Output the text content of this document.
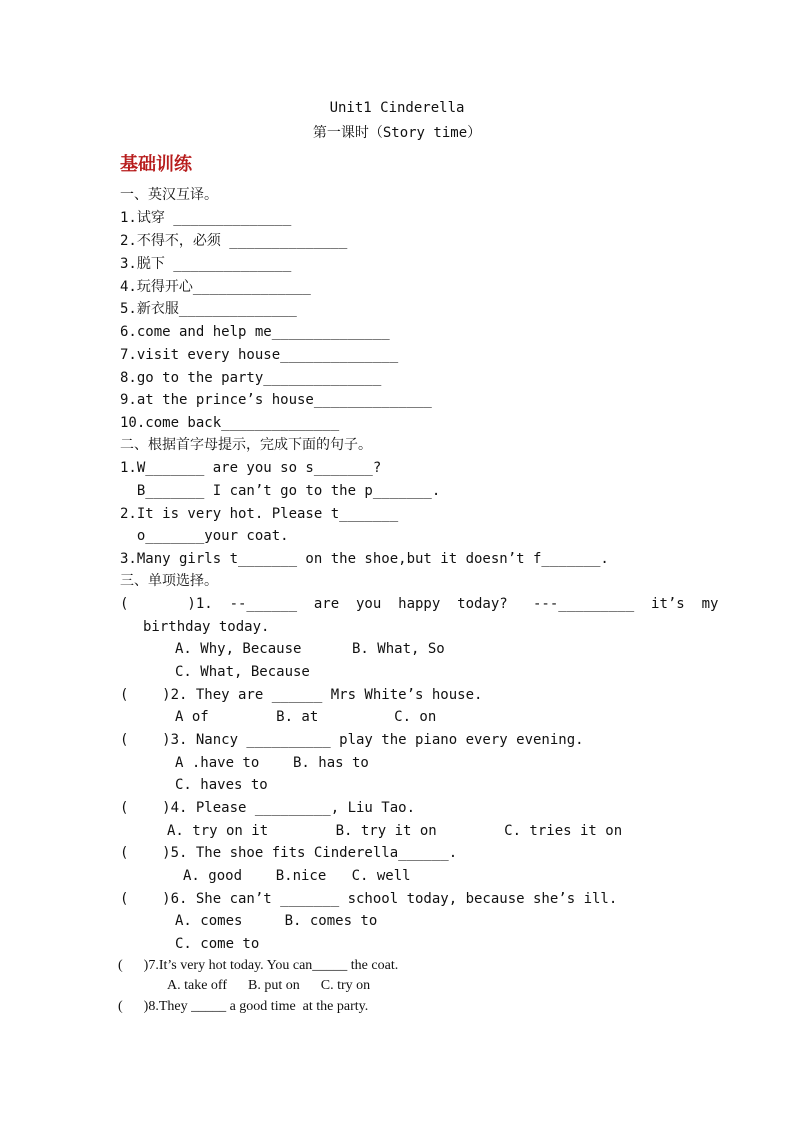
Unit1 Cinderella
第一课时（Story time）
基础训练
一、英汉互译。
1.试穿 ______________
2.不得不，必须 ______________
3.脱下 ______________
4.玩得开心______________
5.新衣服______________
6.come and help me______________
7.visit every house______________
8.go to the party______________
9.at the prince’s house______________
10.come back______________
二、根据首字母提示，完成下面的句子。
1.W_______ are you so s_______?
B_______ I can’t go to the p_______.
2.It is very hot. Please t_______
o_______your coat.
3.Many girls t_______ on the shoe,but it doesn’t f_______.
三、单项选择。
(       )1.  --______  are  you  happy  today?   ---_________  it’s  my
birthday today.
A. Why, Because      B. What, So
C. What, Because
(    )2. They are ______ Mrs White’s house.
A of        B. at         C. on
(    )3. Nancy __________ play the piano every evening.
A .have to    B. has to
C. haves to
(    )4. Please _________, Liu Tao.
A. try on it        B. try it on        C. tries it on
(    )5. The shoe fits Cinderella______.
A. good    B.nice   C. well
(    )6. She can’t _______ school today, because she’s ill.
A. comes     B. comes to
C. come to
(      )7.It’s very hot today. You can_____ the coat.
A. take off      B. put on      C. try on
(      )8.They _____ a good time  at the party.
